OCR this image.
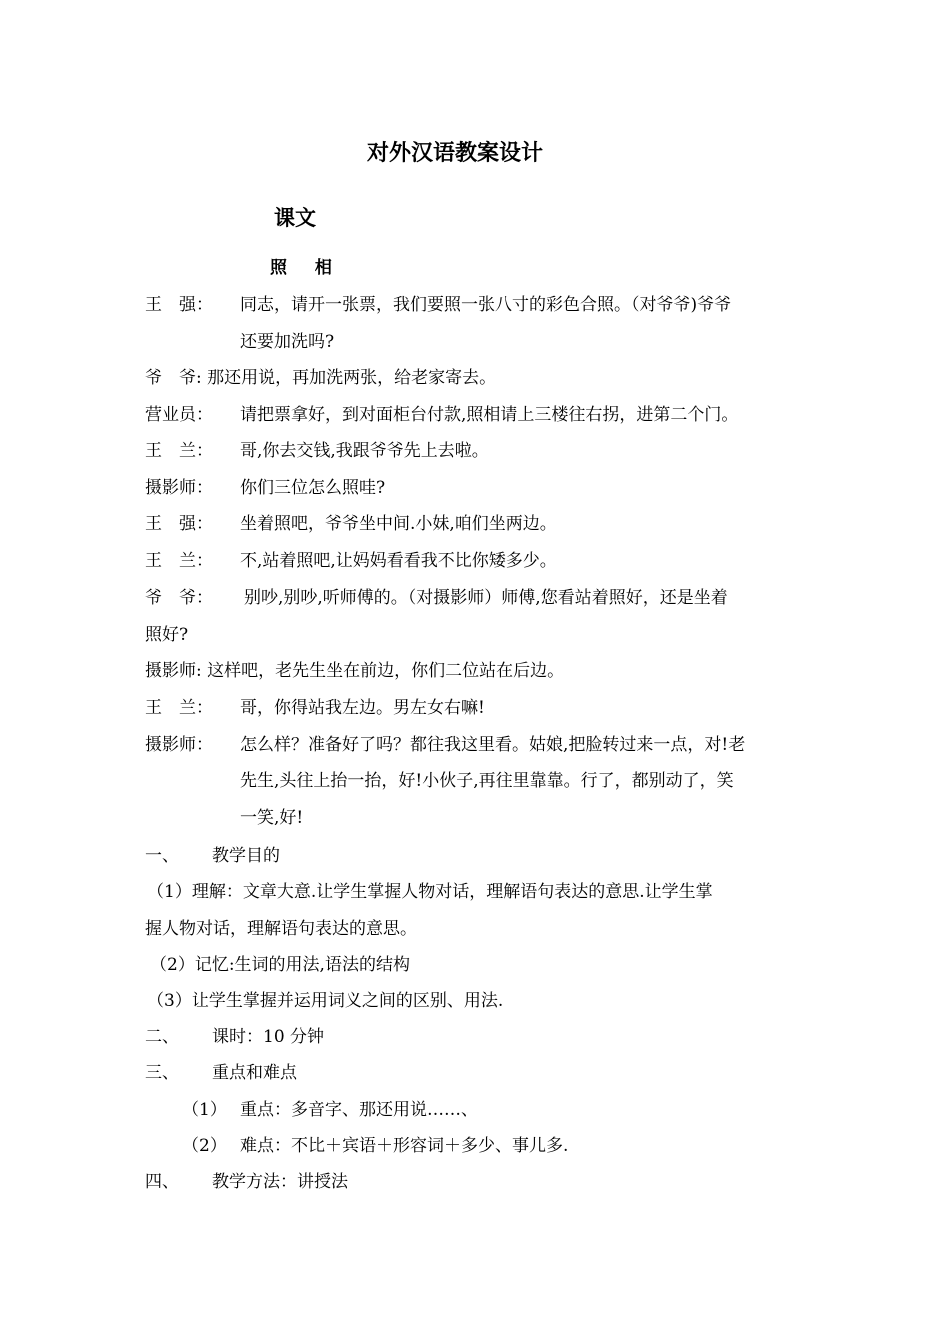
对外汉语教案设计
课文
照 相
王　强： 同志，请开一张票，我们要照一张八寸的彩色合照。（对爷爷)爷爷
还要加洗吗?
爷　爷: 那还用说，再加洗两张，给老家寄去。
营业员： 请把票拿好，到对面柜台付款,照相请上三楼往右拐，进第二个门。
王　兰： 哥,你去交钱,我跟爷爷先上去啦。
摄影师： 你们三位怎么照哇?
王　强： 坐着照吧，爷爷坐中间.小妹,咱们坐两边。
王　兰： 不,站着照吧,让妈妈看看我不比你矮多少。
爷　爷： 别吵,别吵,听师傅的。（对摄影师）师傅,您看站着照好，还是坐着
照好?
摄影师: 这样吧，老先生坐在前边，你们二位站在后边。
王　兰： 哥，你得站我左边。男左女右嘛!
摄影师： 怎么样？准备好了吗？都往我这里看。姑娘,把脸转过来一点，对!老
先生,头往上抬一抬，好!小伙子,再往里靠靠。行了，都别动了，笑
一笑,好!
一、 教学目的
（1）理解：文章大意.让学生掌握人物对话，理解语句表达的意思.让学生掌
握人物对话，理解语句表达的意思。
（2）记忆:生词的用法,语法的结构
（3）让学生掌握并运用词义之间的区别、用法.
二、 课时：10 分钟
三、 重点和难点
（1） 重点：多音字、那还用说……、
（2） 难点：不比＋宾语＋形容词＋多少、事儿多.
四、 教学方法：讲授法
